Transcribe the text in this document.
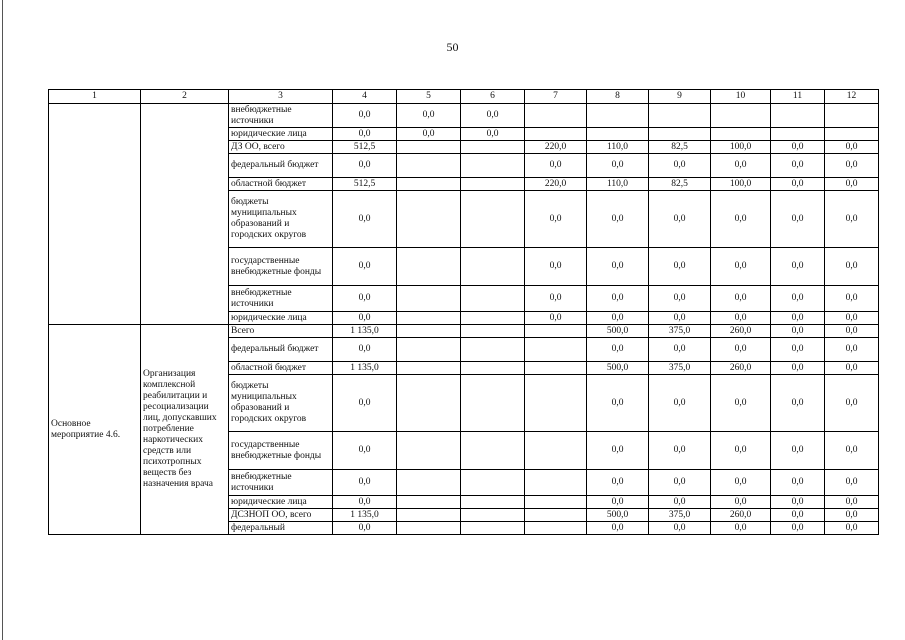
50
1	2	3	4	5	6	7	8	9	10	11	12
		внебюджетные источники	0,0	0,0	0,0						
		юридические лица	0,0	0,0	0,0						
		ДЗ ОО, всего	512,5			220,0	110,0	82,5	100,0	0,0	0,0
		федеральный бюджет	0,0			0,0	0,0	0,0	0,0	0,0	0,0
		областной бюджет	512,5			220,0	110,0	82,5	100,0	0,0	0,0
		бюджеты муниципальных образований и городских округов	0,0			0,0	0,0	0,0	0,0	0,0	0,0
		государственные внебюджетные фонды	0,0			0,0	0,0	0,0	0,0	0,0	0,0
		внебюджетные источники	0,0			0,0	0,0	0,0	0,0	0,0	0,0
		юридические лица	0,0			0,0	0,0	0,0	0,0	0,0	0,0
Основное мероприятие 4.6.	Организация комплексной реабилитации и ресоциализации лиц, допускавших потребление наркотических средств или психотропных веществ без назначения врача	Всего	1 135,0				500,0	375,0	260,0	0,0	0,0
		федеральный бюджет	0,0				0,0	0,0	0,0	0,0	0,0
		областной бюджет	1 135,0				500,0	375,0	260,0	0,0	0,0
		бюджеты муниципальных образований и городских округов	0,0				0,0	0,0	0,0	0,0	0,0
		государственные внебюджетные фонды	0,0				0,0	0,0	0,0	0,0	0,0
		внебюджетные источники	0,0				0,0	0,0	0,0	0,0	0,0
		юридические лица	0,0				0,0	0,0	0,0	0,0	0,0
		ДСЗНОП ОО, всего	1 135,0				500,0	375,0	260,0	0,0	0,0
		федеральный	0,0				0,0	0,0	0,0	0,0	0,0
